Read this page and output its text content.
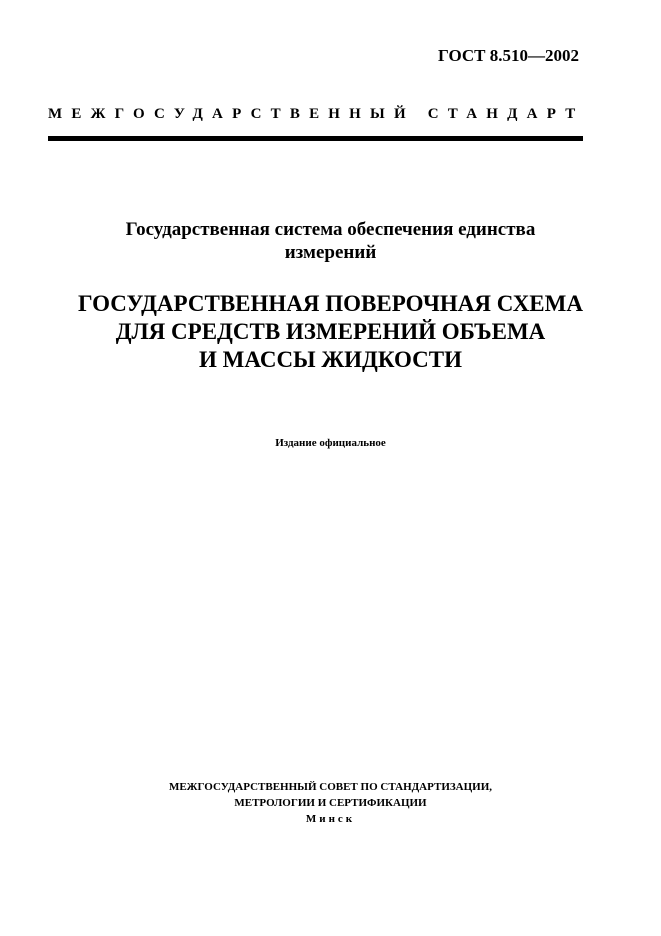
ГОСТ 8.510—2002
МЕЖГОСУДАРСТВЕННЫЙ СТАНДАРТ
Государственная система обеспечения единства
измерений
ГОСУДАРСТВЕННАЯ ПОВЕРОЧНАЯ СХЕМА
ДЛЯ СРЕДСТВ ИЗМЕРЕНИЙ ОБЪЕМА
И МАССЫ ЖИДКОСТИ
Издание официальное
МЕЖГОСУДАРСТВЕННЫЙ СОВЕТ ПО СТАНДАРТИЗАЦИИ,
МЕТРОЛОГИИ И СЕРТИФИКАЦИИ
Минск
